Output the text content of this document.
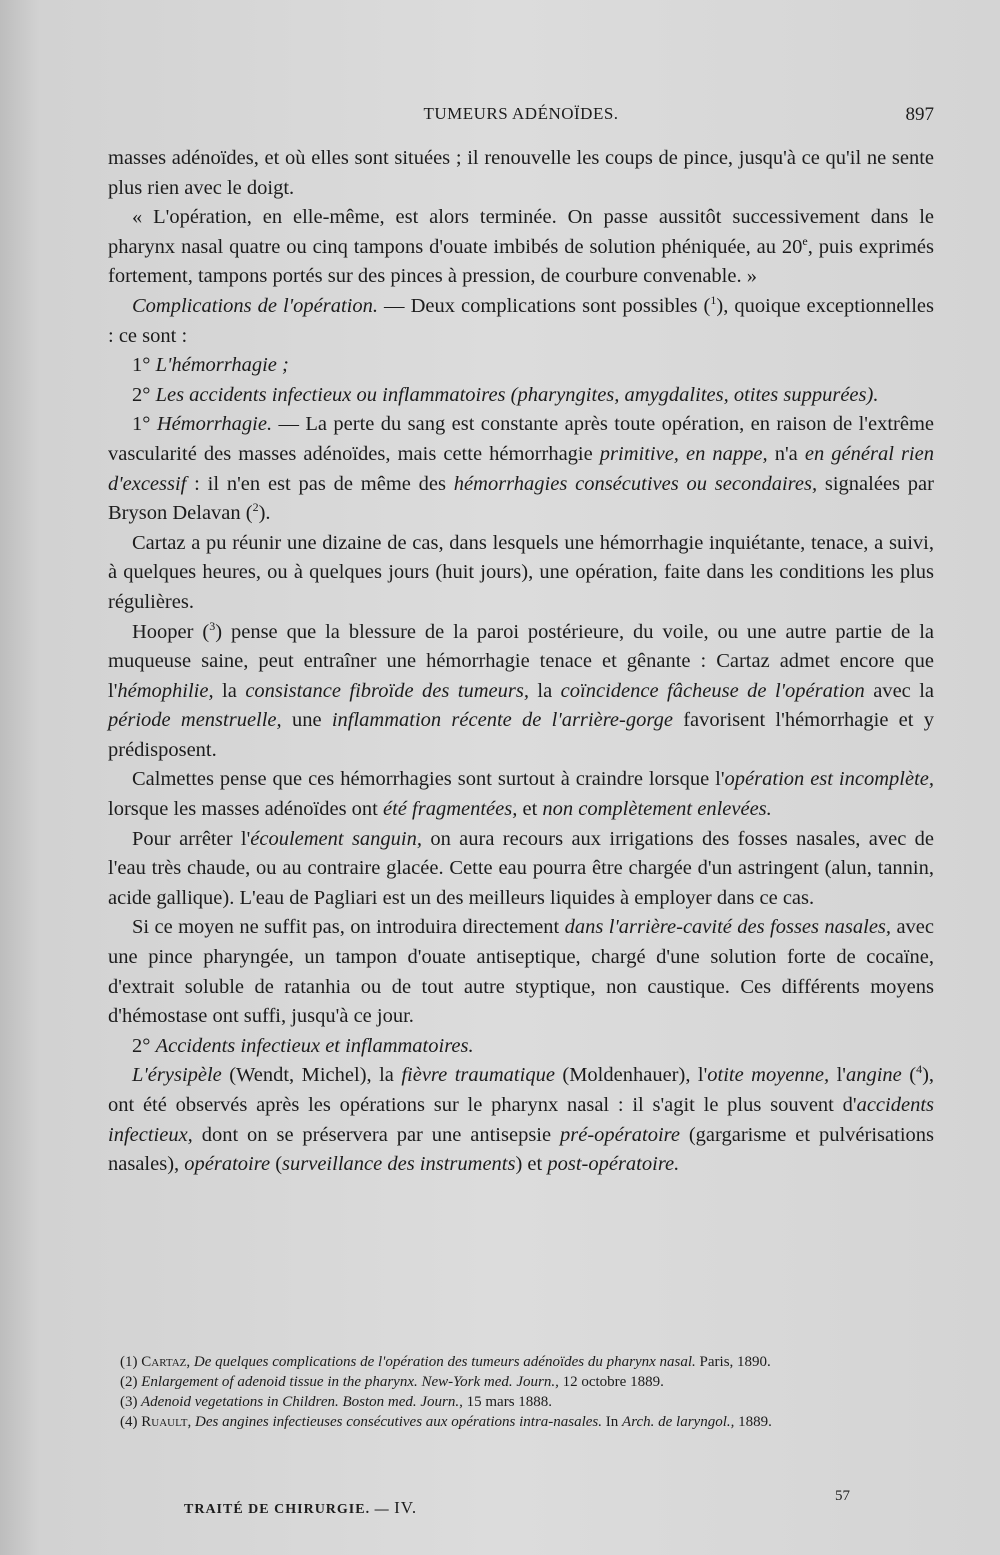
TUMEURS ADÉNOÏDES.	897

masses adénoïdes, et où elles sont situées ; il renouvelle les coups de pince, jusqu'à ce qu'il ne sente plus rien avec le doigt.

« L'opération, en elle-même, est alors terminée. On passe aussitôt successivement dans le pharynx nasal quatre ou cinq tampons d'ouate imbibés de solution phéniquée, au 20e, puis exprimés fortement, tampons portés sur des pinces à pression, de courbure convenable. »

Complications de l'opération. — Deux complications sont possibles ($^1$), quoique exceptionnelles : ce sont :

1° L'hémorrhagie ;

2° Les accidents infectieux ou inflammatoires (pharyngites, amygdalites, otites suppurées).

1° Hémorrhagie. — La perte du sang est constante après toute opération, en raison de l'extrême vascularité des masses adénoïdes, mais cette hémorrhagie primitive, en nappe, n'a en général rien d'excessif : il n'en est pas de même des hémorrhagies consécutives ou secondaires, signalées par Bryson Delavan ($^2$).

Cartaz a pu réunir une dizaine de cas, dans lesquels une hémorrhagie inquiétante, tenace, a suivi, à quelques heures, ou à quelques jours (huit jours), une opération, faite dans les conditions les plus régulières.

Hooper ($^3$) pense que la blessure de la paroi postérieure, du voile, ou une autre partie de la muqueuse saine, peut entraîner une hémorrhagie tenace et gênante : Cartaz admet encore que l'hémophilie, la consistance fibroïde des tumeurs, la coïncidence fâcheuse de l'opération avec la période menstruelle, une inflammation récente de l'arrière-gorge favorisent l'hémorrhagie et y prédisposent.

Calmettes pense que ces hémorrhagies sont surtout à craindre lorsque l'opération est incomplète, lorsque les masses adénoïdes ont été fragmentées, et non complètement enlevées.

Pour arrêter l'écoulement sanguin, on aura recours aux irrigations des fosses nasales, avec de l'eau très chaude, ou au contraire glacée. Cette eau pourra être chargée d'un astringent (alun, tannin, acide gallique). L'eau de Pagliari est un des meilleurs liquides à employer dans ce cas.

Si ce moyen ne suffit pas, on introduira directement dans l'arrière-cavité des fosses nasales, avec une pince pharyngée, un tampon d'ouate antiseptique, chargé d'une solution forte de cocaïne, d'extrait soluble de ratanhia ou de tout autre styptique, non caustique. Ces différents moyens d'hémostase ont suffi, jusqu'à ce jour.

2° Accidents infectieux et inflammatoires.

L'érysipèle (Wendt, Michel), la fièvre traumatique (Moldenhauer), l'otite moyenne, l'angine ($^4$), ont été observés après les opérations sur le pharynx nasal : il s'agit le plus souvent d'accidents infectieux, dont on se préservera par une antisepsie pré-opératoire (gargarisme et pulvérisations nasales), opératoire (surveillance des instruments) et post-opératoire.

(1) Cartaz, De quelques complications de l'opération des tumeurs adénoïdes du pharynx nasal. Paris, 1890.

(2) Enlargement of adenoid tissue in the pharynx. New-York med. Journ., 12 octobre 1889.

(3) Adenoid vegetations in Children. Boston med. Journ., 15 mars 1888.

(4) Ruault, Des angines infectieuses consécutives aux opérations intra-nasales. In Arch. de laryngol., 1889.

TRAITÉ DE CHIRURGIE. — IV.
57
